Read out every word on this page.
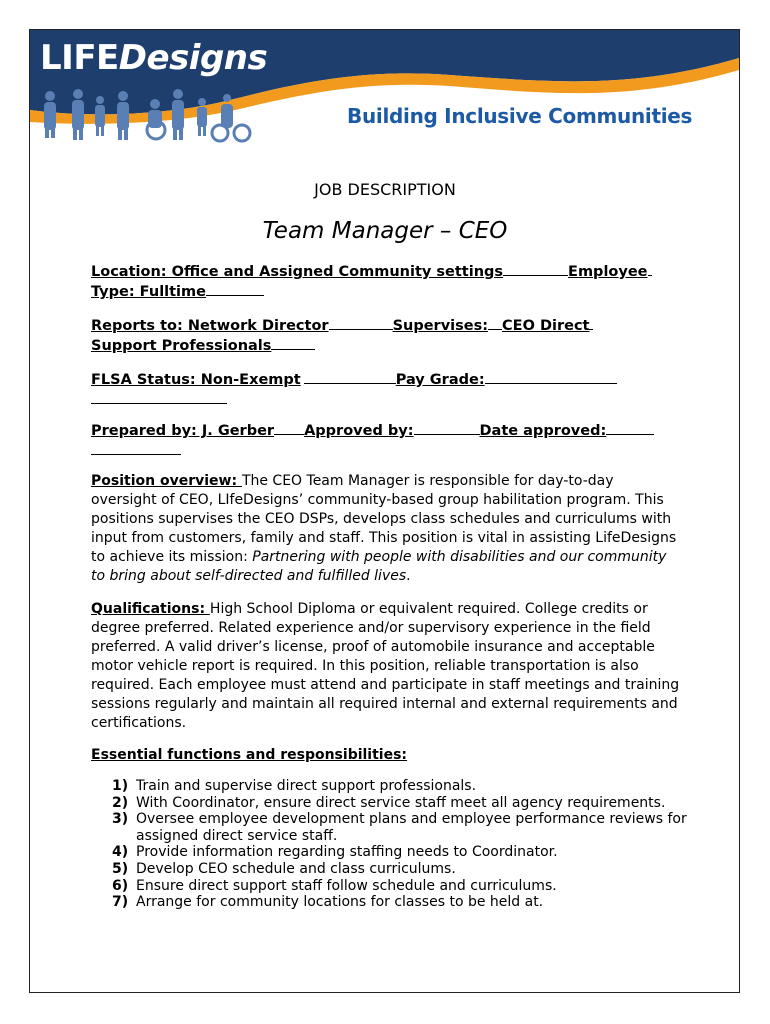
LIFEDesigns
Building Inclusive Communities
JOB DESCRIPTION
Team Manager – CEO
Location: Office and Assigned Community settings	Employee
Type: Fulltime
Reports to: Network Director	Supervises: CEO Direct
Support Professionals
FLSA Status: Non-Exempt	Pay Grade:
Prepared by: J. Gerber Approved by:	Date approved:
Position overview: The CEO Team Manager is responsible for day-to-day oversight of CEO, LIfeDesigns’ community-based group habilitation program. This positions supervises the CEO DSPs, develops class schedules and curriculums with input from customers, family and staff. This position is vital in assisting LifeDesigns to achieve its mission: Partnering with people with disabilities and our community to bring about self-directed and fulfilled lives.
Qualifications: High School Diploma or equivalent required. College credits or degree preferred. Related experience and/or supervisory experience in the field preferred. A valid driver’s license, proof of automobile insurance and acceptable motor vehicle report is required. In this position, reliable transportation is also required. Each employee must attend and participate in staff meetings and training sessions regularly and maintain all required internal and external requirements and certifications.
Essential functions and responsibilities:
1) Train and supervise direct support professionals.
2) With Coordinator, ensure direct service staff meet all agency requirements.
3) Oversee employee development plans and employee performance reviews for assigned direct service staff.
4) Provide information regarding staffing needs to Coordinator.
5) Develop CEO schedule and class curriculums.
6) Ensure direct support staff follow schedule and curriculums.
7) Arrange for community locations for classes to be held at.
